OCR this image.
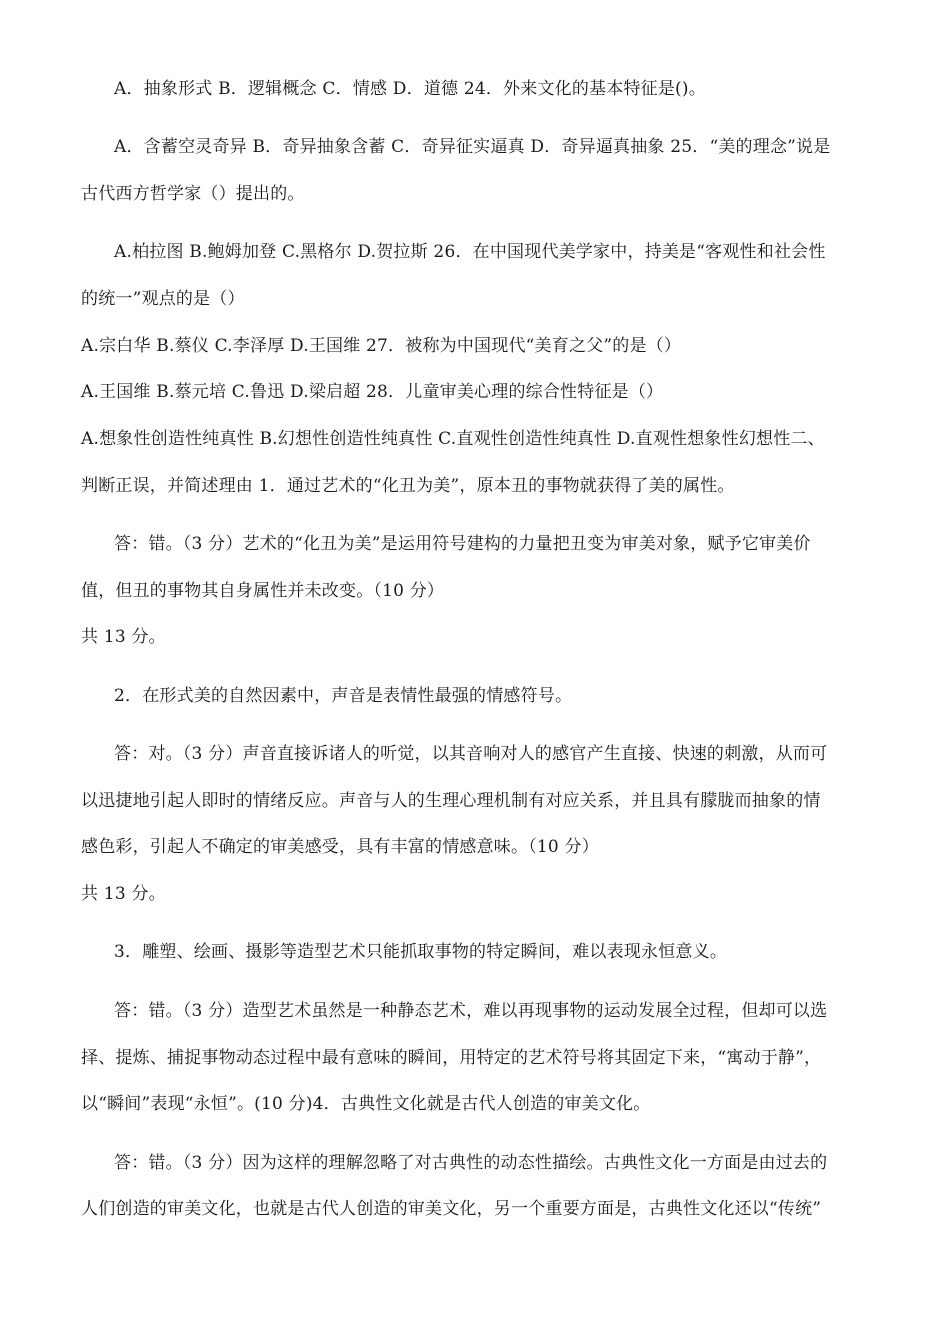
A．抽象形式 B．逻辑概念 C．情感 D．道德 24．外来文化的基本特征是()。
A．含蓄空灵奇异 B．奇异抽象含蓄 C．奇异征实逼真 D．奇异逼真抽象 25．“美的理念”说是
古代西方哲学家（）提出的。
A.柏拉图 B.鲍姆加登 C.黑格尔 D.贺拉斯 26．在中国现代美学家中，持美是“客观性和社会性
的统一”观点的是（）
A.宗白华 B.蔡仪 C.李泽厚 D.王国维 27．被称为中国现代“美育之父”的是（）
A.王国维 B.蔡元培 C.鲁迅 D.梁启超 28．儿童审美心理的综合性特征是（）
A.想象性创造性纯真性 B.幻想性创造性纯真性 C.直观性创造性纯真性 D.直观性想象性幻想性二、
判断正误，并简述理由 1．通过艺术的“化丑为美”，原本丑的事物就获得了美的属性。
答：错。（3 分）艺术的“化丑为美”是运用符号建构的力量把丑变为审美对象，赋予它审美价
值，但丑的事物其自身属性并未改变。（10 分）
共 13 分。
2．在形式美的自然因素中，声音是表情性最强的情感符号。
答：对。（3 分）声音直接诉诸人的听觉，以其音响对人的感官产生直接、快速的刺激，从而可
以迅捷地引起人即时的情绪反应。声音与人的生理心理机制有对应关系，并且具有朦胧而抽象的情
感色彩，引起人不确定的审美感受，具有丰富的情感意味。（10 分）
共 13 分。
3．雕塑、绘画、摄影等造型艺术只能抓取事物的特定瞬间，难以表现永恒意义。
答：错。（3 分）造型艺术虽然是一种静态艺术，难以再现事物的运动发展全过程，但却可以选
择、提炼、捕捉事物动态过程中最有意味的瞬间，用特定的艺术符号将其固定下来，“寓动于静”，
以“瞬间”表现“永恒”。(10 分)4．古典性文化就是古代人创造的审美文化。
答：错。（3 分）因为这样的理解忽略了对古典性的动态性描绘。古典性文化一方面是由过去的
人们创造的审美文化，也就是古代人创造的审美文化，另一个重要方面是，古典性文化还以“传统”
